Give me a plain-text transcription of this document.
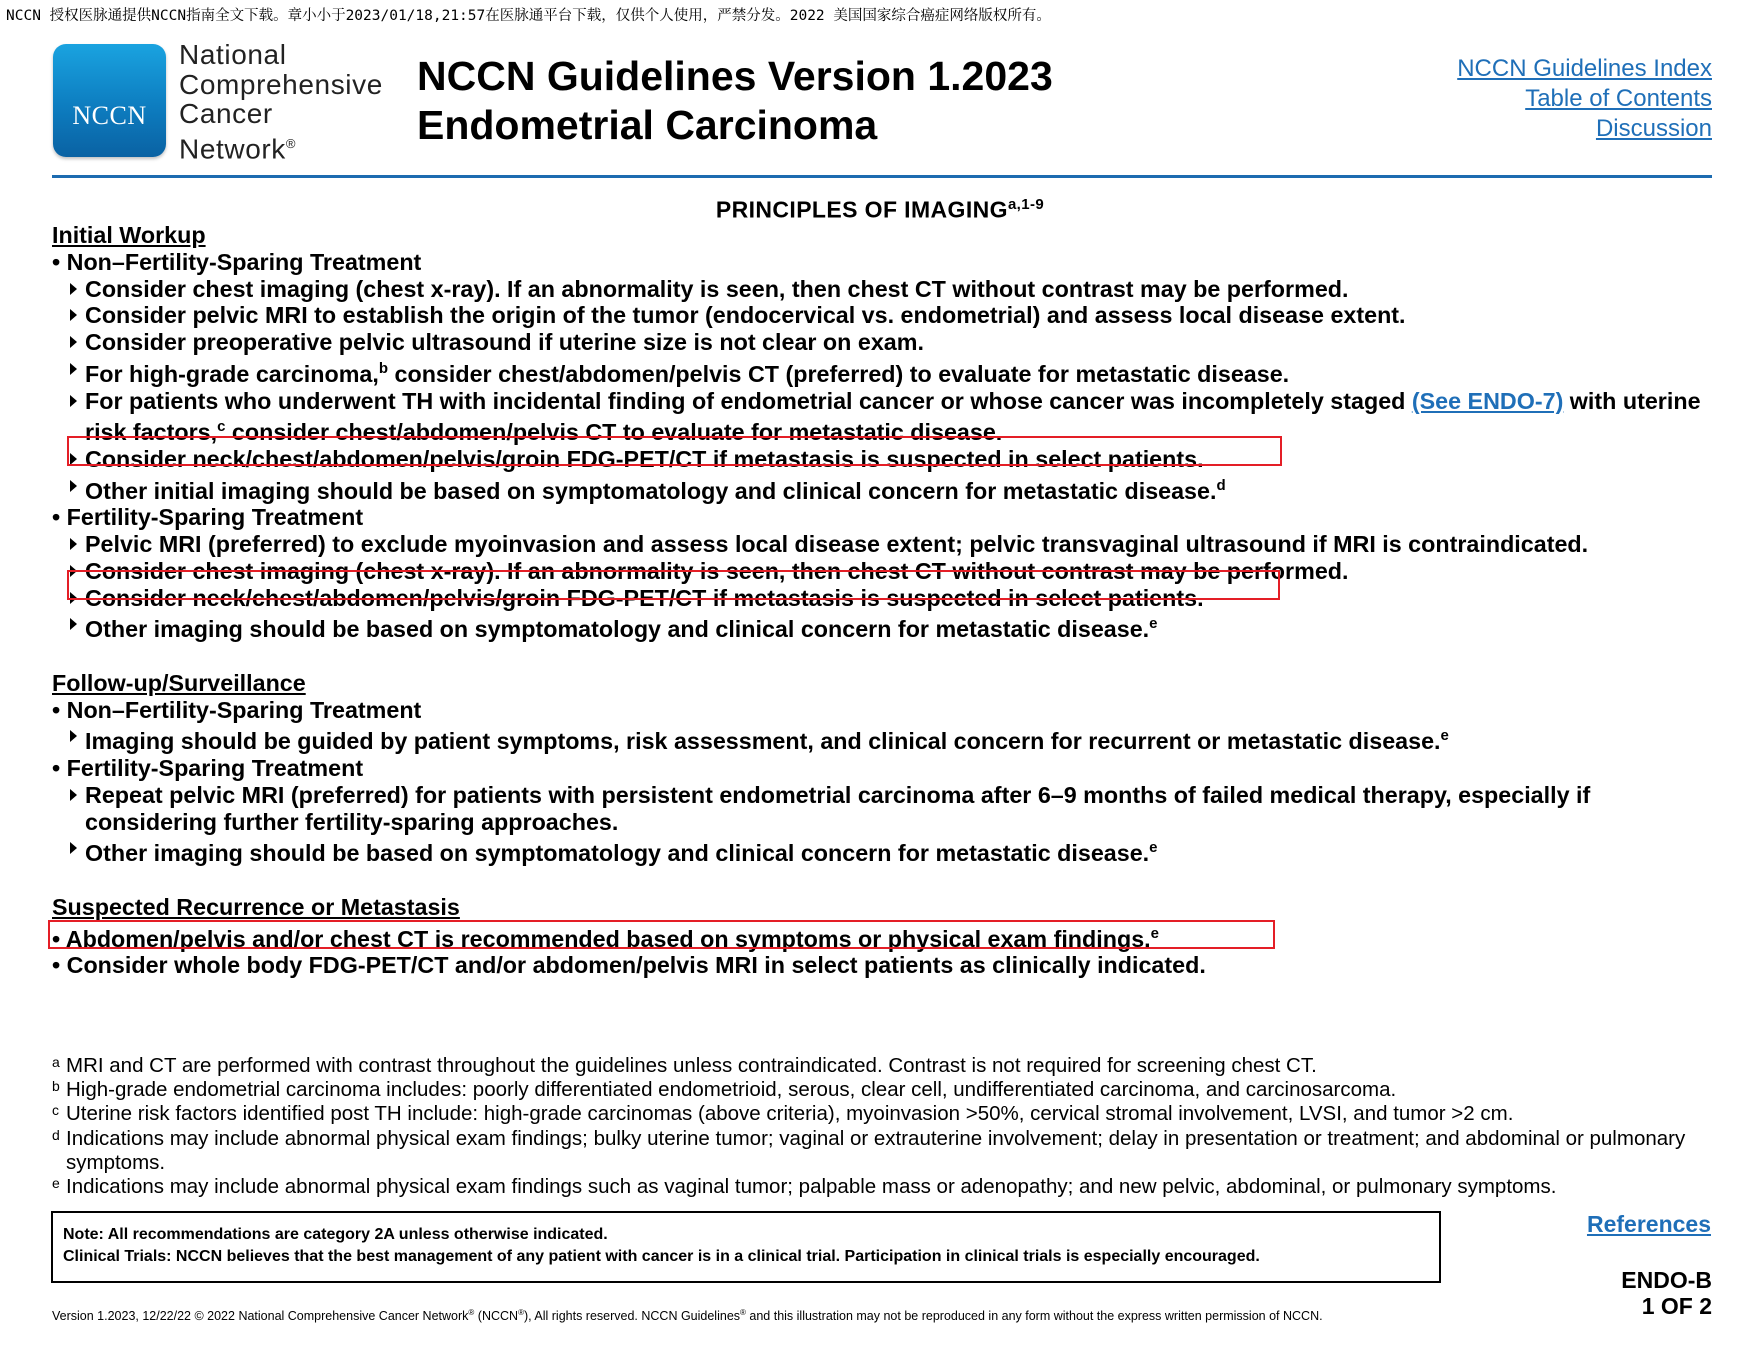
NCCN 授权医脉通提供NCCN指南全文下载。章小小于2023/01/18,21:57在医脉通平台下载，仅供个人使用，严禁分发。2022 美国国家综合癌症网络版权所有。
NCCN
National
Comprehensive
Cancer
Network®
NCCN Guidelines Version 1.2023
Endometrial Carcinoma
NCCN Guidelines Index
Table of Contents
Discussion
PRINCIPLES OF IMAGING$^{a,1-9}$
Initial Workup
• Non–Fertility-Sparing Treatment
Consider chest imaging (chest x-ray). If an abnormality is seen, then chest CT without contrast may be performed.
Consider pelvic MRI to establish the origin of the tumor (endocervical vs. endometrial) and assess local disease extent.
Consider preoperative pelvic ultrasound if uterine size is not clear on exam.
For high-grade carcinoma,$^b$ consider chest/abdomen/pelvis CT (preferred) to evaluate for metastatic disease.
For patients who underwent TH with incidental finding of endometrial cancer or whose cancer was incompletely staged (See ENDO-7) with uterine risk factors,$^c$ consider chest/abdomen/pelvis CT to evaluate for metastatic disease.
Consider neck/chest/abdomen/pelvis/groin FDG-PET/CT if metastasis is suspected in select patients.
Other initial imaging should be based on symptomatology and clinical concern for metastatic disease.$^d$
• Fertility-Sparing Treatment
Pelvic MRI (preferred) to exclude myoinvasion and assess local disease extent; pelvic transvaginal ultrasound if MRI is contraindicated.
Consider chest imaging (chest x-ray). If an abnormality is seen, then chest CT without contrast may be performed.
Consider neck/chest/abdomen/pelvis/groin FDG-PET/CT if metastasis is suspected in select patients.
Other imaging should be based on symptomatology and clinical concern for metastatic disease.$^e$
Follow-up/Surveillance
• Non–Fertility-Sparing Treatment
Imaging should be guided by patient symptoms, risk assessment, and clinical concern for recurrent or metastatic disease.$^e$
• Fertility-Sparing Treatment
Repeat pelvic MRI (preferred) for patients with persistent endometrial carcinoma after 6–9 months of failed medical therapy, especially if considering further fertility-sparing approaches.
Other imaging should be based on symptomatology and clinical concern for metastatic disease.$^e$
Suspected Recurrence or Metastasis
• Abdomen/pelvis and/or chest CT is recommended based on symptoms or physical exam findings.$^e$
• Consider whole body FDG-PET/CT and/or abdomen/pelvis MRI in select patients as clinically indicated.
a MRI and CT are performed with contrast throughout the guidelines unless contraindicated. Contrast is not required for screening chest CT.
b High-grade endometrial carcinoma includes: poorly differentiated endometrioid, serous, clear cell, undifferentiated carcinoma, and carcinosarcoma.
c Uterine risk factors identified post TH include: high-grade carcinomas (above criteria), myoinvasion >50%, cervical stromal involvement, LVSI, and tumor >2 cm.
d Indications may include abnormal physical exam findings; bulky uterine tumor; vaginal or extrauterine involvement; delay in presentation or treatment; and abdominal or pulmonary symptoms.
e Indications may include abnormal physical exam findings such as vaginal tumor; palpable mass or adenopathy; and new pelvic, abdominal, or pulmonary symptoms.
Note: All recommendations are category 2A unless otherwise indicated.
Clinical Trials: NCCN believes that the best management of any patient with cancer is in a clinical trial. Participation in clinical trials is especially encouraged.
References
ENDO-B
1 OF 2
Version 1.2023, 12/22/22 © 2022 National Comprehensive Cancer Network® (NCCN®), All rights reserved. NCCN Guidelines® and this illustration may not be reproduced in any form without the express written permission of NCCN.
